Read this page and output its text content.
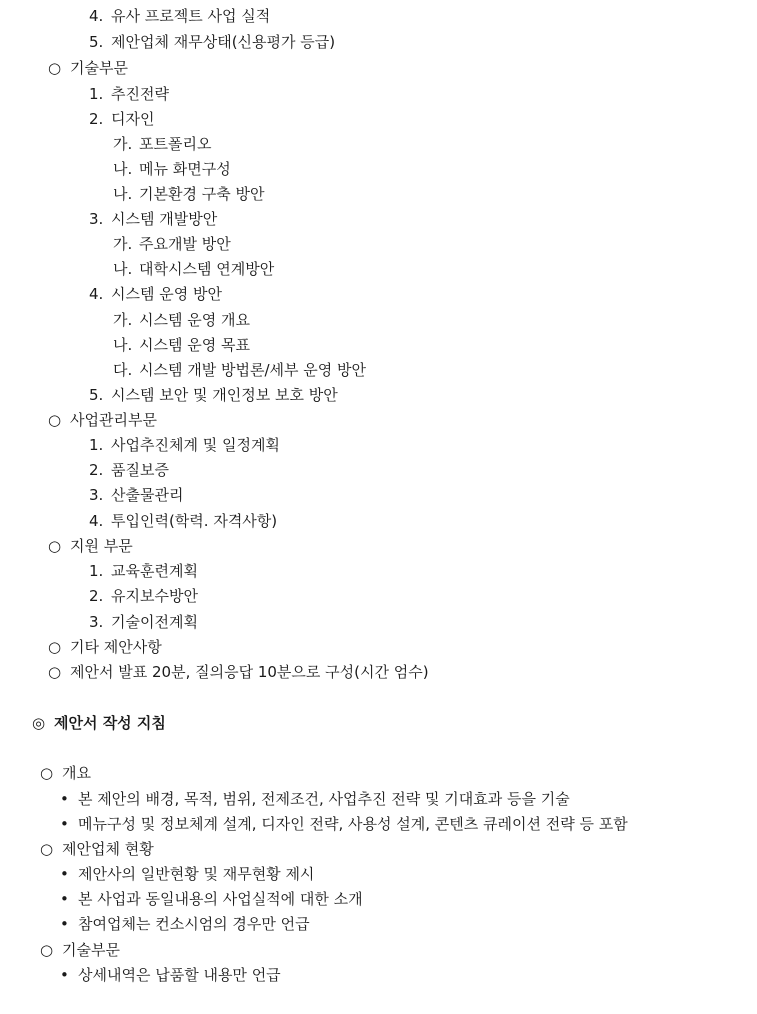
4. 유사 프로젝트 사업 실적
5. 제안업체 재무상태(신용평가 등급)
○ 기술부문
1. 추진전략
2. 디자인
가. 포트폴리오
나. 메뉴 화면구성
나. 기본환경 구축 방안
3. 시스템 개발방안
가. 주요개발 방안
나. 대학시스템 연계방안
4. 시스템 운영 방안
가. 시스템 운영 개요
나. 시스템 운영 목표
다. 시스템 개발 방법론/세부 운영 방안
5. 시스템 보안 및 개인정보 보호 방안
○ 사업관리부문
1. 사업추진체계 및 일정계획
2. 품질보증
3. 산출물관리
4. 투입인력(학력. 자격사항)
○ 지원 부문
1. 교육훈련계획
2. 유지보수방안
3. 기술이전계획
○ 기타 제안사항
○ 제안서 발표 20분, 질의응답 10분으로 구성(시간 엄수)
◎ 제안서 작성 지침
○ 개요
• 본 제안의 배경, 목적, 범위, 전제조건, 사업추진 전략 및 기대효과 등을 기술
• 메뉴구성 및 정보체계 설계, 디자인 전략, 사용성 설계, 콘텐츠 큐레이션 전략 등 포함
○ 제안업체 현황
• 제안사의 일반현황 및 재무현황 제시
• 본 사업과 동일내용의 사업실적에 대한 소개
• 참여업체는 컨소시엄의 경우만 언급
○ 기술부문
• 상세내역은 납품할 내용만 언급
